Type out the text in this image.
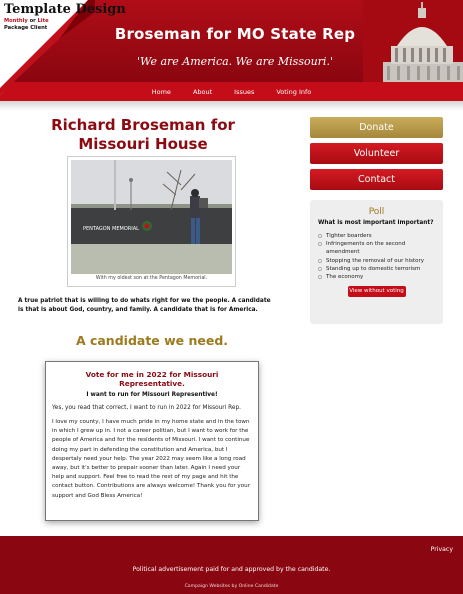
Broseman for MO State Rep
'We are America. We are Missouri.'
Template Design
Monthly or Lite
Package Client
Home	About	Issues	Voting Info
Richard Broseman for Missouri House
PENTAGON MEMORIAL
With my oldest son at the Pentagon Memorial.

A true patriot that is willing to do whats right for we the people. A candidate is that is about God, country, and family. A candidate that is for America.

A candidate we need.
Vote for me in 2022 for Missouri Representative.
I want to run for Missouri Representive!

Yes, you read that correct, I want to run in 2022 for Missouri Rep.

I love my county, I have much pride in my home state and in the town in which I grew up in. I not a career politian, but I want to work for the people of America and for the residents of Missouri. I want to continue doing my part in defending the constitution and America, but I despertaly need your help. The year 2022 may seem like a long road away, but it's better to prepair sooner than later. Again I need your help and support. Feel free to read the rest of my page and hit the contact button. Contributions are always welcome! Thank you for your support and God Bless America!

Donate
Volunteer
Contact
Poll
What is most important important?
Tighter boarders
Infringements on the second amendment
Stopping the removal of our history
Standing up to domestic terrorism
The economy
View without voting
Privacy
Political advertisement paid for and approved by the candidate.
Campaign Websites by Online Candidate
